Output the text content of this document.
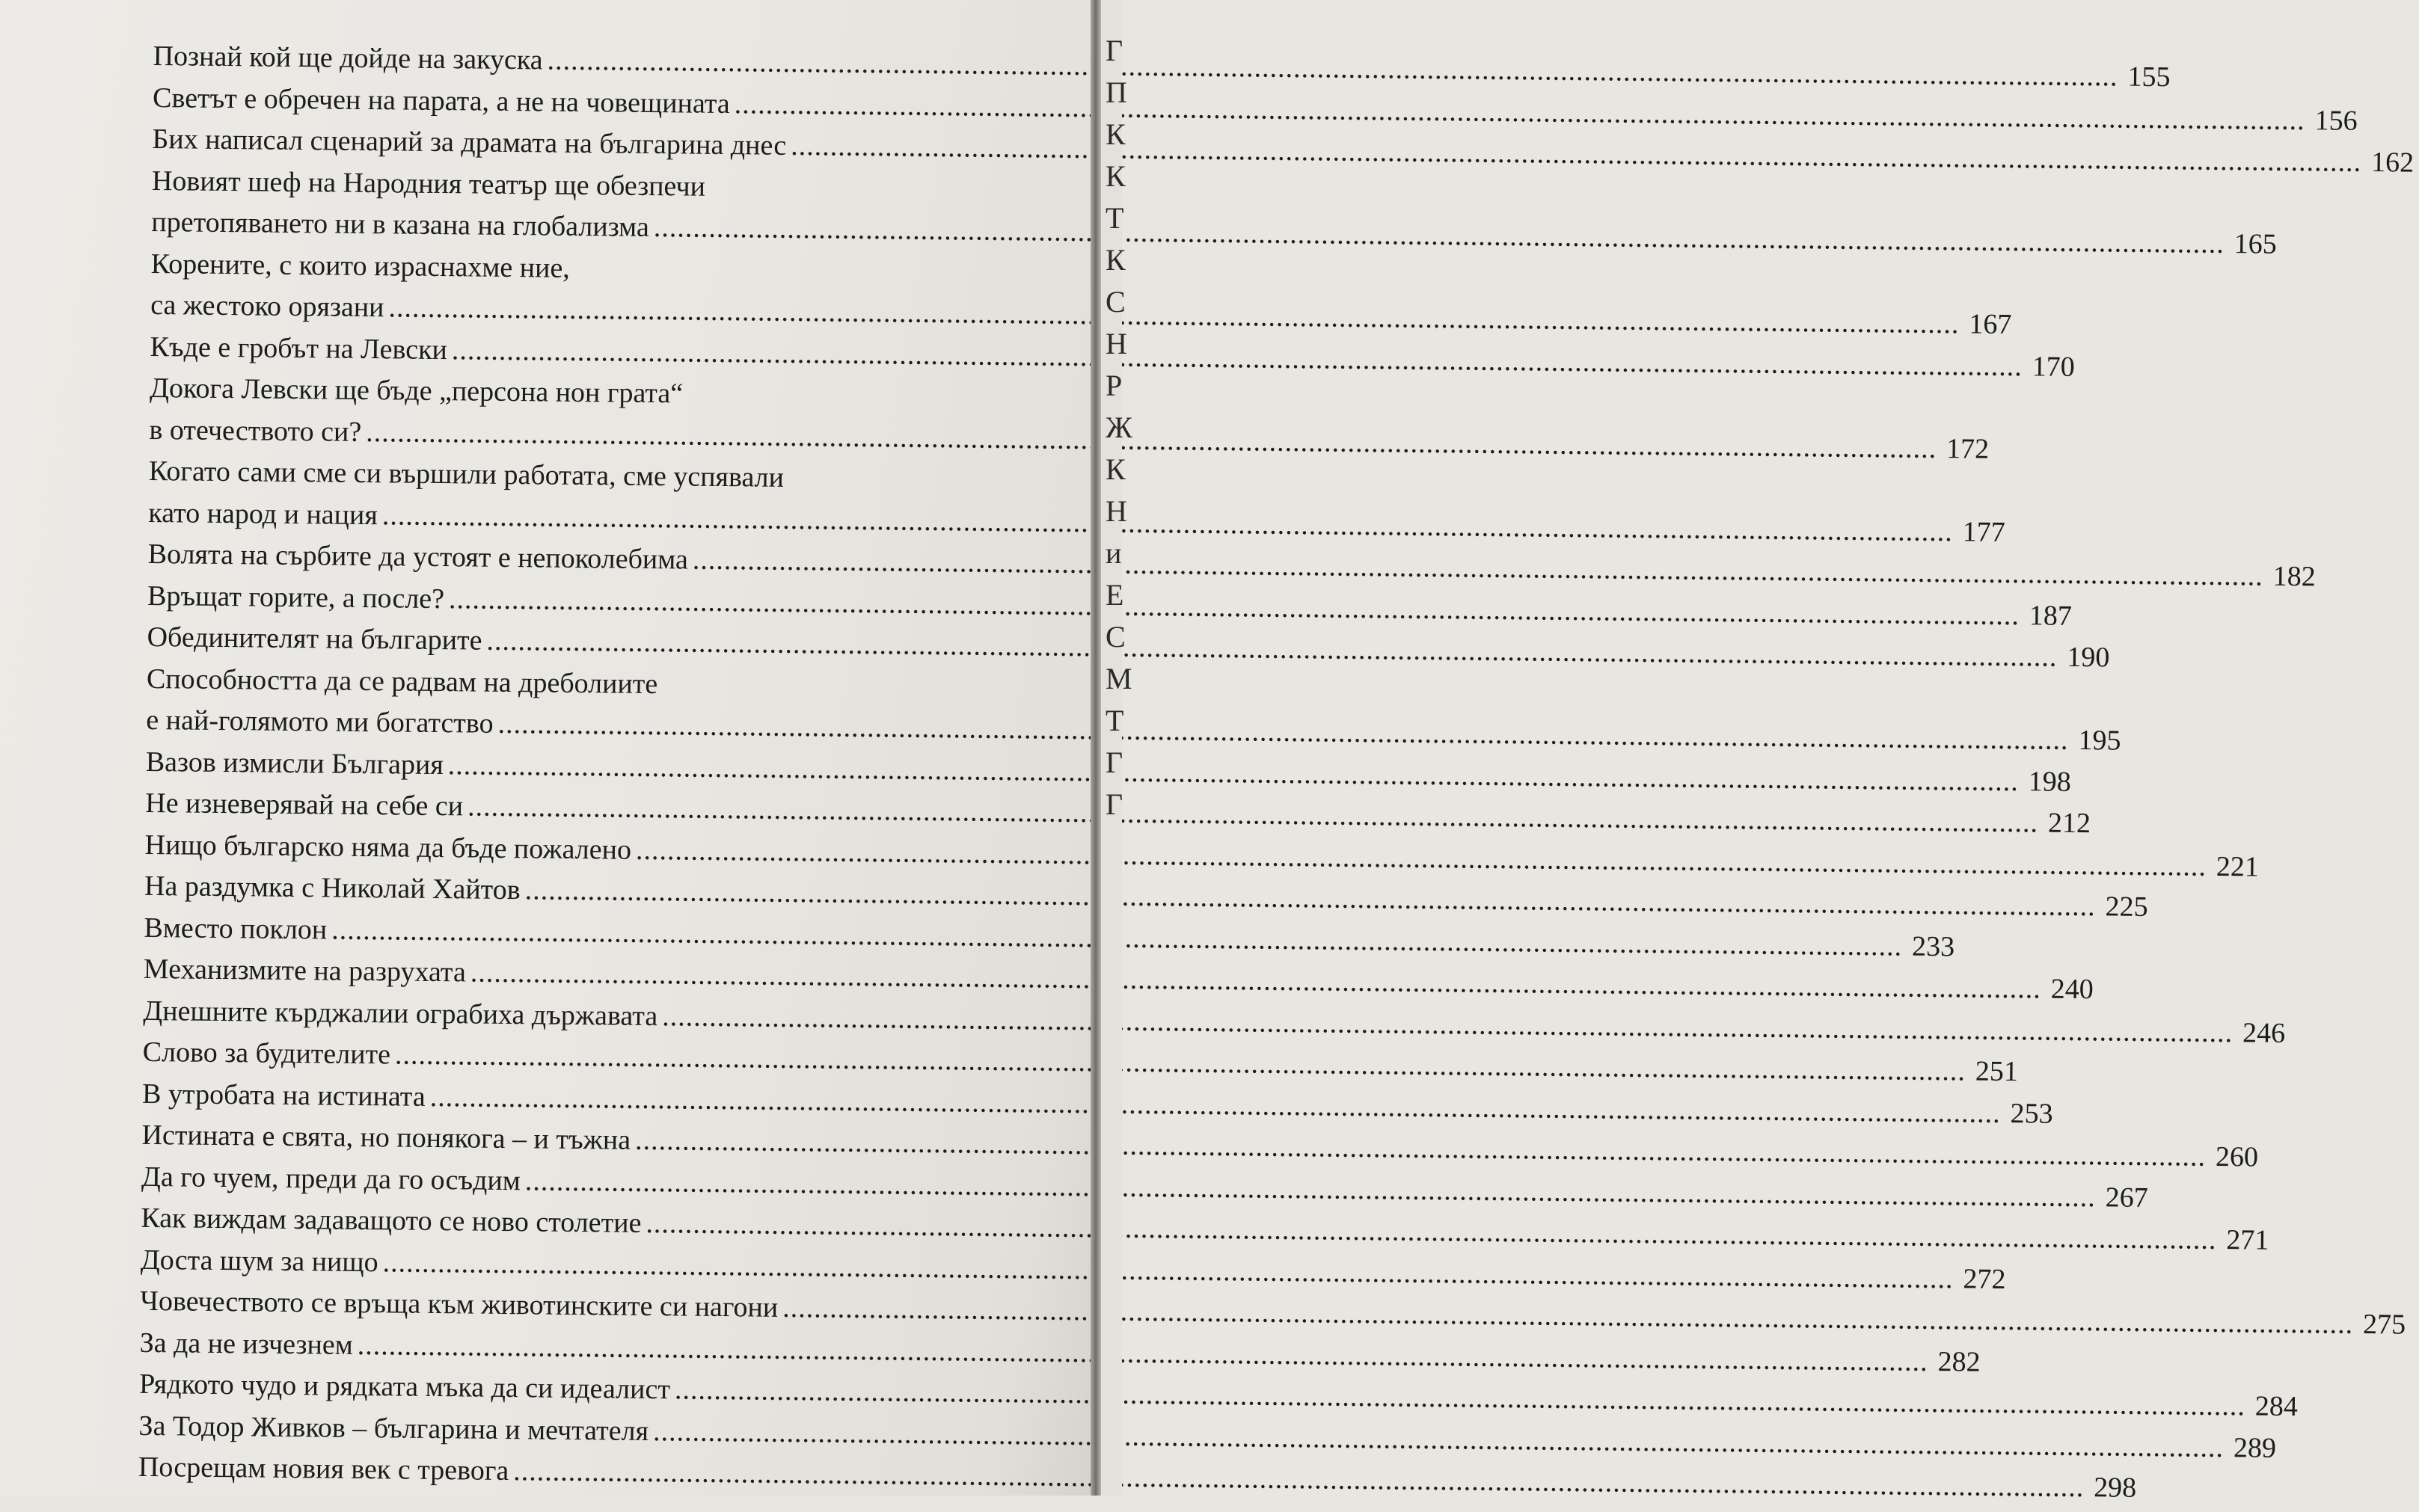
Познай кой ще дойде на закуска
.....
155
Светът е обречен на парата, а не на човещината
.....
156
Бих написал сценарий за драмата на българина днес
.....
162
Новият шеф на Народния театър ще обезпечи
претопяването ни в казана на глобализма
.....
165
Корените, с които израснахме ние,
са жестоко орязани
.....
167
Къде е гробът на Левски
.....
170
Докога Левски ще бъде „персона нон грата“
в отечеството си?
.....
172
Когато сами сме си вършили работата, сме успявали
като народ и нация
.....
177
Волята на сърбите да устоят е непоколебима
.....
182
Връщат горите, а после?
.....
187
Обединителят на българите
.....
190
Способността да се радвам на дреболиите
е най-голямото ми богатство
.....
195
Вазов измисли България
.....
198
Не изневерявай на себе си
.....
212
Нищо българско няма да бъде пожалено
.....
221
На раздумка с Николай Хайтов
.....
225
Вместо поклон
.....
233
Механизмите на разрухата
.....
240
Днешните кърджалии ограбиха държавата
.....
246
Слово за будителите
.....
251
В утробата на истината
.....
253
Истината е свята, но понякога – и тъжна
.....
260
Да го чуем, преди да го осъдим
.....
267
Как виждам задаващото се ново столетие
.....
271
Доста шум за нищо
.....
272
Човечеството се връща към животинските си нагони
.....
275
За да не изчезнем
.....
282
Рядкото чудо и рядката мъка да си идеалист
.....
284
За Тодор Живков – българина и мечтателя
.....
289
Посрещам новия век с тревога
.....
298
Г
П
К
К
Т
К
С
Н
Р
Ж
К
Н
и
Е
С
М
Т
Г
Г
